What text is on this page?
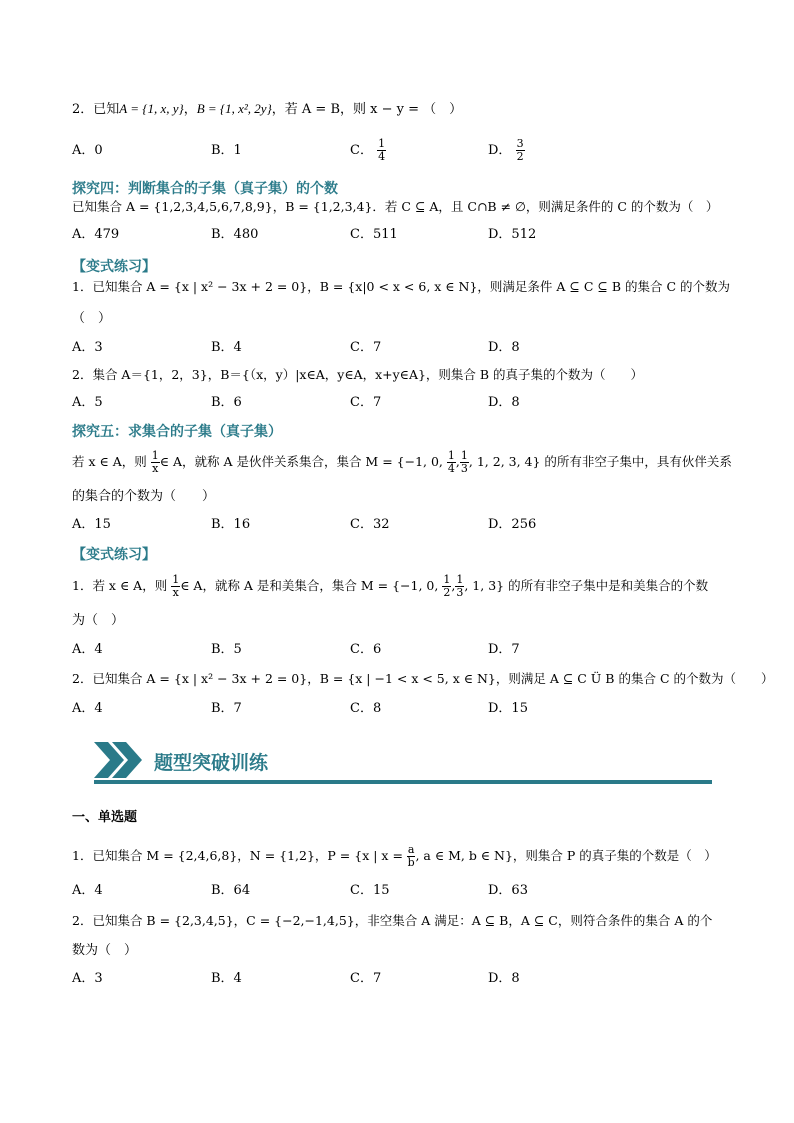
2．已知A = {1, x, y}，B = {1, x², 2y}，若 A = B，则 x − y = （　）
A．0	B．1	C． $\frac{1}{4}$	D． $\frac{3}{2}$
探究四：判断集合的子集（真子集）的个数
已知集合 A = {1,2,3,4,5,6,7,8,9}，B = {1,2,3,4}．若 C ⊆ A，且 C∩B ≠ ∅，则满足条件的 C 的个数为（　）
A．479	B．480	C．511	D．512
【变式练习】
1．已知集合 A = {x | x² − 3x + 2 = 0}，B = {x|0 < x < 6, x ∈ N}，则满足条件 A ⊆ C ⊆ B 的集合 C 的个数为
（　）
A．3	B．4	C．7	D．8
2．集合 A＝{1，2，3}，B＝{（x，y）|x∈A，y∈A，x+y∈A}，则集合 B 的真子集的个数为（　　）
A．5	B．6	C．7	D．8
探究五：求集合的子集（真子集）
若 x ∈ A，则 $\frac{1}{x}$ ∈ A，就称 A 是伙伴关系集合，集合 M = {−1, 0, $\frac{1}{4}$ , $\frac{1}{3}$ , 1, 2, 3, 4} 的所有非空子集中，具有伙伴关系
的集合的个数为（　　）
A．15	B．16	C．32	D．256
【变式练习】
1．若 x ∈ A，则 $\frac{1}{x}$ ∈ A，就称 A 是和美集合，集合 M = {−1, 0, $\frac{1}{2}$ , $\frac{1}{3}$ , 1, 3} 的所有非空子集中是和美集合的个数
为（　）
A．4	B．5	C．6	D．7
2．已知集合 A = {x | x² − 3x + 2 = 0}，B = {x | −1 < x < 5, x ∈ N}，则满足 A ⊆ C Ü B 的集合 C 的个数为（　　）
A．4	B．7	C．8	D．15
题型突破训练
一、单选题
1．已知集合 M = {2,4,6,8}，N = {1,2}，P = {x | $x = \frac{a}{b}$ , a ∈ M, b ∈ N}，则集合 P 的真子集的个数是（　）
A．4	B．64	C．15	D．63
2．已知集合 B = {2,3,4,5}，C = {−2,−1,4,5}，非空集合 A 满足：A ⊆ B，A ⊆ C，则符合条件的集合 A 的个
数为（　）
A．3	B．4	C．7	D．8
